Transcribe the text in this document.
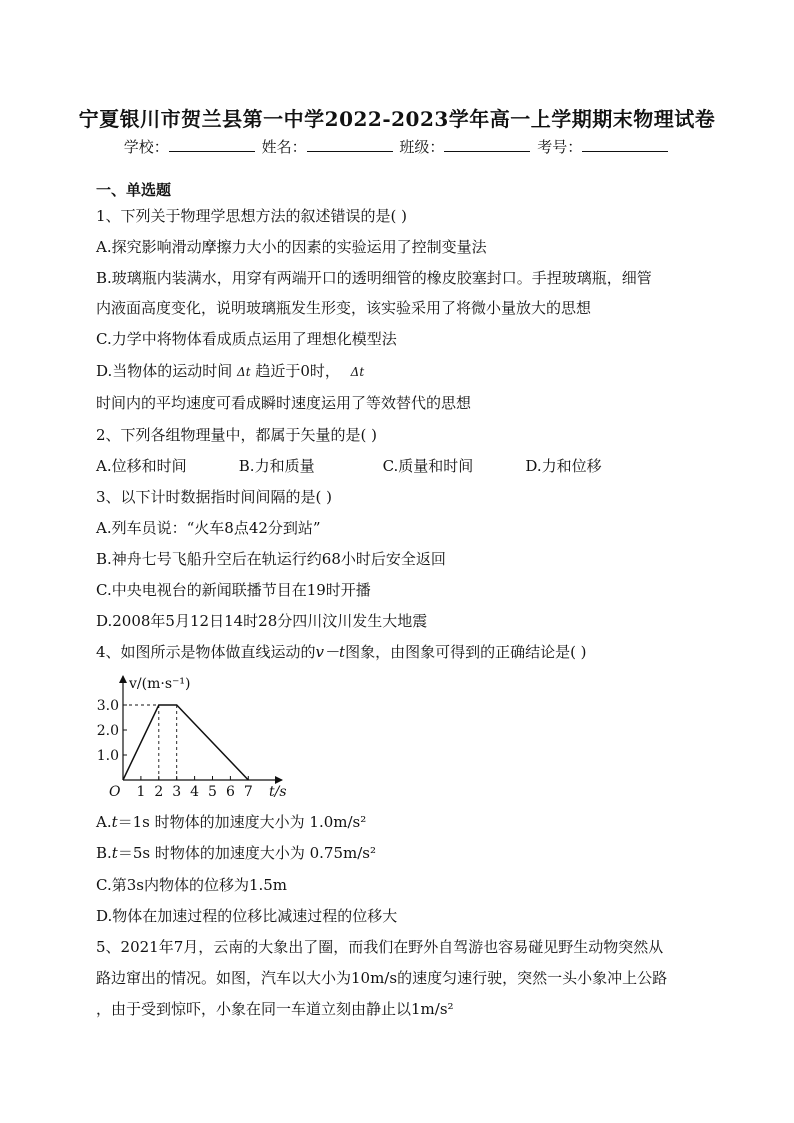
宁夏银川市贺兰县第一中学2022-2023学年高一上学期期末物理试卷
学校：	姓名：	班级：	考号：
一、单选题
1、下列关于物理学思想方法的叙述错误的是( )
A.探究影响滑动摩擦力大小的因素的实验运用了控制变量法
B.玻璃瓶内装满水，用穿有两端开口的透明细管的橡皮胶塞封口。手捏玻璃瓶，细管
内液面高度变化，说明玻璃瓶发生形变，该实验采用了将微小量放大的思想
C.力学中将物体看成质点运用了理想化模型法
D.当物体的运动时间 Δt 趋近于0时， Δt
时间内的平均速度可看成瞬时速度运用了等效替代的思想
2、下列各组物理量中，都属于矢量的是( )
A.位移和时间	B.力和质量	C.质量和时间	D.力和位移
3、以下计时数据指时间间隔的是( )
A.列车员说：“火车8点42分到站”
B.神舟七号飞船升空后在轨运行约68小时后安全返回
C.中央电视台的新闻联播节目在19时开播
D.2008年5月12日14时28分四川汶川发生大地震
4、如图所示是物体做直线运动的v－t图象，由图象可得到的正确结论是( )
1.0
2.0
3.0
1 2 3 4 5 6 7
O	t/s
v/(m·s⁻¹)
A.t＝1s 时物体的加速度大小为 1.0m/s²
B.t＝5s 时物体的加速度大小为 0.75m/s²
C.第3s内物体的位移为1.5m
D.物体在加速过程的位移比减速过程的位移大
5、2021年7月，云南的大象出了圈，而我们在野外自驾游也容易碰见野生动物突然从
路边窜出的情况。如图，汽车以大小为10m/s的速度匀速行驶，突然一头小象冲上公路
，由于受到惊吓，小象在同一车道立刻由静止以1m/s²
